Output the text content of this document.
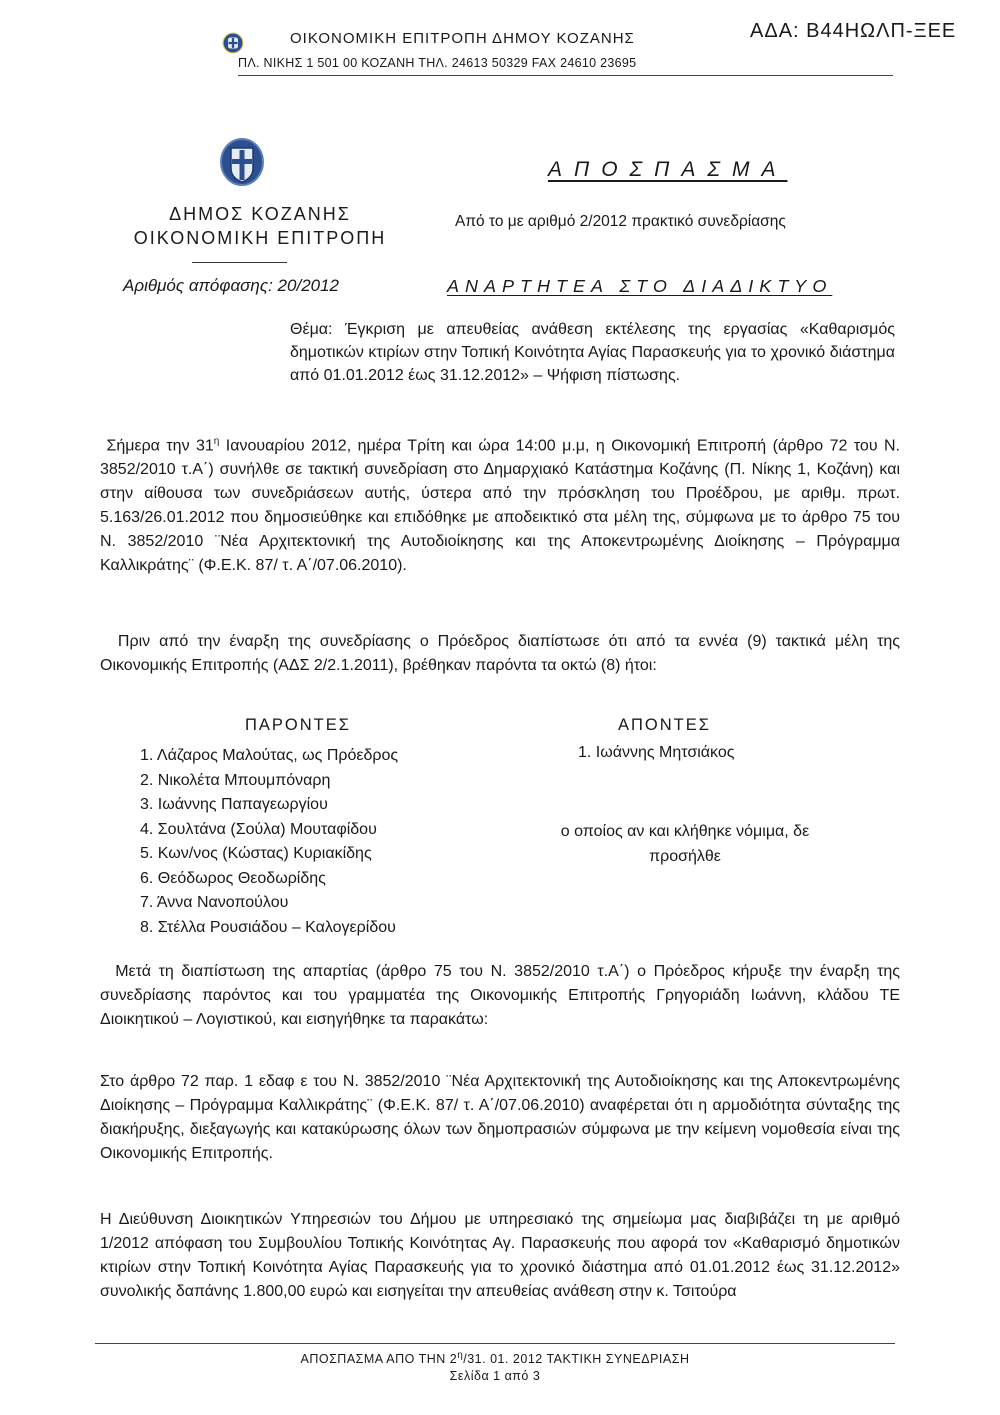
ΟΙΚΟΝΟΜΙΚΗ ΕΠΙΤΡΟΠΗ ΔΗΜΟΥ ΚΟΖΑΝΗΣ
ΠΛ. ΝΙΚΗΣ 1 501 00 ΚΟΖΑΝΗ ΤΗΛ. 24613 50329 FAX 24610 23695
ΑΔΑ: Β44ΗΩΛΠ-ΞΕΕ
ΔΗΜΟΣ ΚΟΖΑΝΗΣ
ΟΙΚΟΝΟΜΙΚΗ ΕΠΙΤΡΟΠΗ
Αριθμός απόφασης: 20/2012
ΑΠΟΣΠΑΣΜΑ
Από το με αριθμό 2/2012 πρακτικό συνεδρίασης
ΑΝΑΡΤΗΤΕΑ ΣΤΟ ΔΙΑΔΙΚΤΥΟ
Θέμα: Έγκριση με απευθείας ανάθεση εκτέλεσης της εργασίας «Καθαρισμός δημοτικών κτιρίων στην Τοπική Κοινότητα Αγίας Παρασκευής για το χρονικό διάστημα από 01.01.2012 έως 31.12.2012» – Ψήφιση πίστωσης.
Σήμερα την $31^\eta$ Ιανουαρίου 2012, ημέρα Τρίτη και ώρα 14:00 μ.μ, η Οικονομική Επιτροπή (άρθρο 72 του Ν. 3852/2010 τ.Α΄) συνήλθε σε τακτική συνεδρίαση στο Δημαρχιακό Κατάστημα Κοζάνης (Π. Νίκης 1, Κοζάνη) και στην αίθουσα των συνεδριάσεων αυτής, ύστερα από την πρόσκληση του Προέδρου, με αριθμ. πρωτ. 5.163/26.01.2012 που δημοσιεύθηκε και επιδόθηκε με αποδεικτικό στα μέλη της, σύμφωνα με το άρθρο 75 του Ν. 3852/2010 ¨Νέα Αρχιτεκτονική της Αυτοδιοίκησης και της Αποκεντρωμένης Διοίκησης – Πρόγραμμα Καλλικράτης¨ (Φ.Ε.Κ. 87/ τ. Α΄/07.06.2010).
Πριν από την έναρξη της συνεδρίασης ο Πρόεδρος διαπίστωσε ότι από τα εννέα (9) τακτικά μέλη της Οικονομικής Επιτροπής (ΑΔΣ 2/2.1.2011), βρέθηκαν παρόντα τα οκτώ (8) ήτοι:
ΠΑΡΟΝΤΕΣ	ΑΠΟΝΤΕΣ
1. Λάζαρος Μαλούτας, ως Πρόεδρος
2. Νικολέτα Μπουμπόναρη
3. Ιωάννης Παπαγεωργίου
4. Σουλτάνα (Σούλα) Μουταφίδου
5. Κων/νος (Κώστας) Κυριακίδης
6. Θεόδωρος Θεοδωρίδης
7. Άννα Νανοπούλου
8. Στέλλα Ρουσιάδου – Καλογερίδου
1. Ιωάννης Μητσιάκος
ο οποίος αν και κλήθηκε νόμιμα, δε προσήλθε
Μετά τη διαπίστωση της απαρτίας (άρθρο 75 του Ν. 3852/2010 τ.Α΄) ο Πρόεδρος κήρυξε την έναρξη της συνεδρίασης παρόντος και του γραμματέα της Οικονομικής Επιτροπής Γρηγοριάδη Ιωάννη, κλάδου ΤΕ Διοικητικού – Λογιστικού, και εισηγήθηκε τα παρακάτω:
Στο άρθρο 72 παρ. 1 εδαφ ε του Ν. 3852/2010 ¨Νέα Αρχιτεκτονική της Αυτοδιοίκησης και της Αποκεντρωμένης Διοίκησης – Πρόγραμμα Καλλικράτης¨ (Φ.Ε.Κ. 87/ τ. Α΄/07.06.2010) αναφέρεται ότι η αρμοδιότητα σύνταξης της διακήρυξης, διεξαγωγής και κατακύρωσης όλων των δημοπρασιών σύμφωνα με την κείμενη νομοθεσία είναι της Οικονομικής Επιτροπής.
Η Διεύθυνση Διοικητικών Υπηρεσιών του Δήμου με υπηρεσιακό της σημείωμα μας διαβιβάζει τη με αριθμό 1/2012 απόφαση του Συμβουλίου Τοπικής Κοινότητας Αγ. Παρασκευής που αφορά τον «Καθαρισμό δημοτικών κτιρίων στην Τοπική Κοινότητα Αγίας Παρασκευής για το χρονικό διάστημα από 01.01.2012 έως 31.12.2012» συνολικής δαπάνης 1.800,00 ευρώ και εισηγείται την απευθείας ανάθεση στην κ. Τσιτούρα
ΑΠΟΣΠΑΣΜΑ ΑΠΟ ΤΗΝ $2^\eta/31$. 01. 2012 ΤΑΚΤΙΚΗ ΣΥΝΕΔΡΙΑΣΗ
Σελίδα 1 από 3
